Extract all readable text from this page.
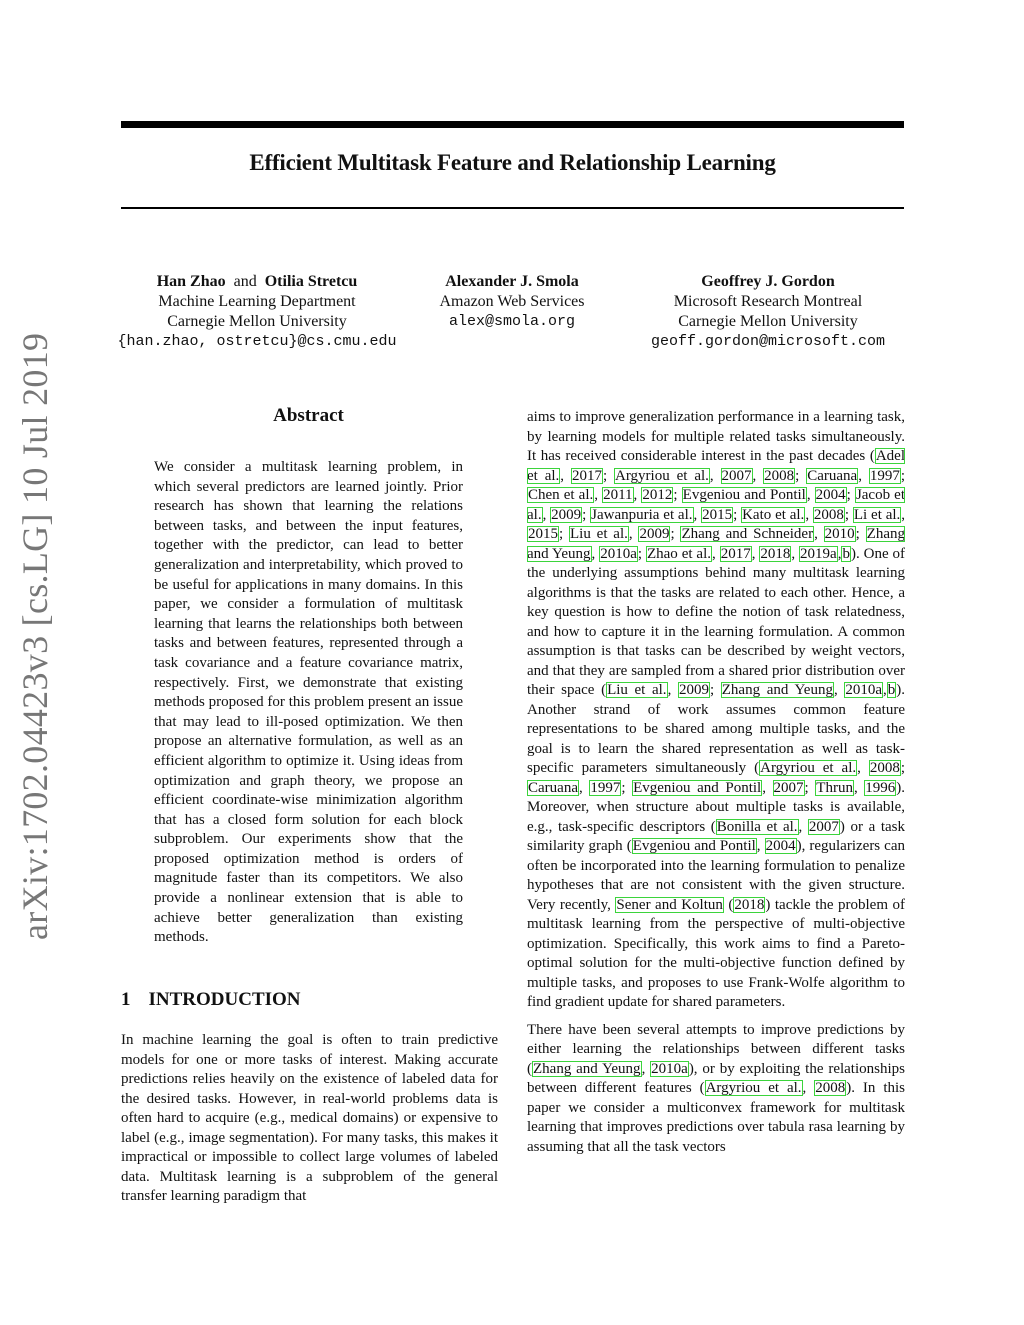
Efficient Multitask Feature and Relationship Learning
Han Zhao and Otilia Stretcu
Machine Learning Department
Carnegie Mellon University
{han.zhao, ostretcu}@cs.cmu.edu
Alexander J. Smola
Amazon Web Services
alex@smola.org
Geoffrey J. Gordon
Microsoft Research Montreal
Carnegie Mellon University
geoff.gordon@microsoft.com
arXiv:1702.04423v3 [cs.LG] 10 Jul 2019	Abstract

We consider a multitask learning problem, in which several predictors are learned jointly. Prior research has shown that learning the relations between tasks, and between the input features, together with the predictor, can lead to better generalization and interpretability, which proved to be useful for applications in many domains. In this paper, we consider a formulation of multitask learning that learns the relationships both between tasks and between features, represented through a task covariance and a feature covariance matrix, respectively. First, we demonstrate that existing methods proposed for this problem present an issue that may lead to ill-posed optimization. We then propose an alternative formulation, as well as an efficient algorithm to optimize it. Using ideas from optimization and graph theory, we propose an efficient coordinate-wise minimization algorithm that has a closed form solution for each block subproblem. Our experiments show that the proposed optimization method is orders of magnitude faster than its competitors. We also provide a nonlinear extension that is able to achieve better generalization than existing methods.

1 INTRODUCTION

In machine learning the goal is often to train predictive models for one or more tasks of interest. Making accurate predictions relies heavily on the existence of labeled data for the desired tasks. However, in real-world problems data is often hard to acquire (e.g., medical domains) or expensive to label (e.g., image segmentation). For many tasks, this makes it impractical or impossible to collect large volumes of labeled data. Multitask learning is a subproblem of the general transfer learning paradigm that

aims to improve generalization performance in a learning task, by learning models for multiple related tasks simultaneously. It has received considerable interest in the past decades (Adel et al., 2017; Argyriou et al., 2007, 2008; Caruana, 1997; Chen et al., 2011, 2012; Evgeniou and Pontil, 2004; Jacob et al., 2009; Jawanpuria et al., 2015; Kato et al., 2008; Li et al., 2015; Liu et al., 2009; Zhang and Schneider, 2010; Zhang and Yeung, 2010a; Zhao et al., 2017, 2018, 2019a,b). One of the underlying assumptions behind many multitask learning algorithms is that the tasks are related to each other. Hence, a key question is how to define the notion of task relatedness, and how to capture it in the learning formulation. A common assumption is that tasks can be described by weight vectors, and that they are sampled from a shared prior distribution over their space (Liu et al., 2009; Zhang and Yeung, 2010a,b). Another strand of work assumes common feature representations to be shared among multiple tasks, and the goal is to learn the shared representation as well as task-specific parameters simultaneously (Argyriou et al., 2008; Caruana, 1997; Evgeniou and Pontil, 2007; Thrun, 1996). Moreover, when structure about multiple tasks is available, e.g., task-specific descriptors (Bonilla et al., 2007) or a task similarity graph (Evgeniou and Pontil, 2004), regularizers can often be incorporated into the learning formulation to penalize hypotheses that are not consistent with the given structure. Very recently, Sener and Koltun (2018) tackle the problem of multitask learning from the perspective of multi-objective optimization. Specifically, this work aims to find a Pareto-optimal solution for the multi-objective function defined by multiple tasks, and proposes to use Frank-Wolfe algorithm to find gradient update for shared parameters.

There have been several attempts to improve predictions by either learning the relationships between different tasks (Zhang and Yeung, 2010a), or by exploiting the relationships between different features (Argyriou et al., 2008). In this paper we consider a multiconvex framework for multitask learning that improves predictions over tabula rasa learning by assuming that all the task vectors
